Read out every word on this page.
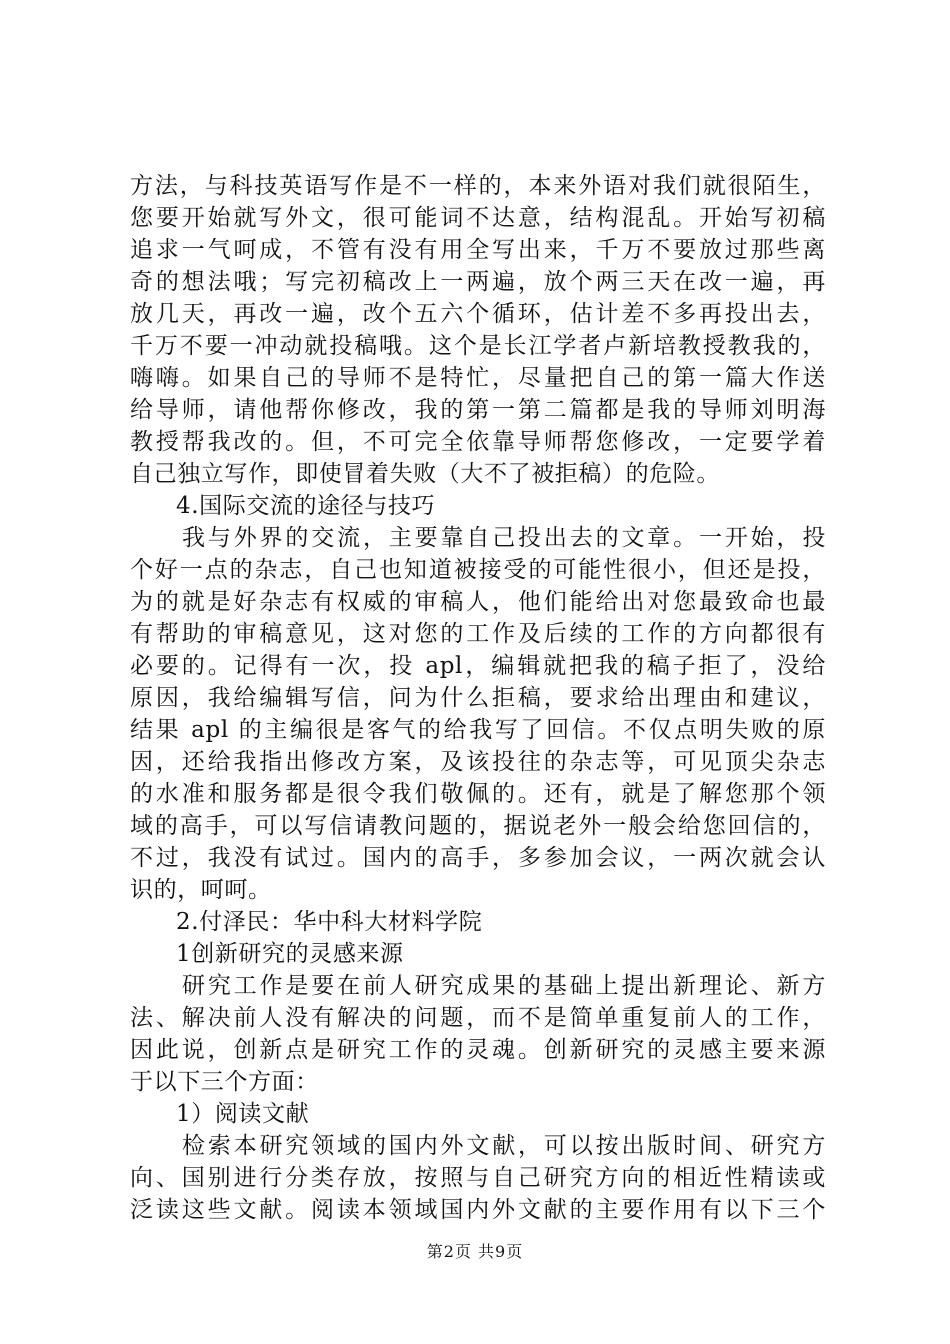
方法，与科技英语写作是不一样的，本来外语对我们就很陌生，
您要开始就写外文，很可能词不达意，结构混乱。开始写初稿
追求一气呵成，不管有没有用全写出来，千万不要放过那些离
奇的想法哦；写完初稿改上一两遍，放个两三天在改一遍，再
放几天，再改一遍，改个五六个循环，估计差不多再投出去，
千万不要一冲动就投稿哦。这个是长江学者卢新培教授教我的，
嗨嗨。如果自己的导师不是特忙，尽量把自己的第一篇大作送
给导师，请他帮你修改，我的第一第二篇都是我的导师刘明海
教授帮我改的。但，不可完全依靠导师帮您修改，一定要学着
自己独立写作，即使冒着失败（大不了被拒稿）的危险。
4.国际交流的途径与技巧
我与外界的交流，主要靠自己投出去的文章。一开始，投
个好一点的杂志，自己也知道被接受的可能性很小，但还是投，
为的就是好杂志有权威的审稿人，他们能给出对您最致命也最
有帮助的审稿意见，这对您的工作及后续的工作的方向都很有
必要的。记得有一次，投 apl，编辑就把我的稿子拒了，没给
原因，我给编辑写信，问为什么拒稿，要求给出理由和建议，
结果 apl 的主编很是客气的给我写了回信。不仅点明失败的原
因，还给我指出修改方案，及该投往的杂志等，可见顶尖杂志
的水准和服务都是很令我们敬佩的。还有，就是了解您那个领
域的高手，可以写信请教问题的，据说老外一般会给您回信的，
不过，我没有试过。国内的高手，多参加会议，一两次就会认
识的，呵呵。
2.付泽民：华中科大材料学院
1创新研究的灵感来源
研究工作是要在前人研究成果的基础上提出新理论、新方
法、解决前人没有解决的问题，而不是简单重复前人的工作，
因此说，创新点是研究工作的灵魂。创新研究的灵感主要来源
于以下三个方面：
1）阅读文献
检索本研究领域的国内外文献，可以按出版时间、研究方
向、国别进行分类存放，按照与自己研究方向的相近性精读或
泛读这些文献。阅读本领域国内外文献的主要作用有以下三个
第2页 共9页
